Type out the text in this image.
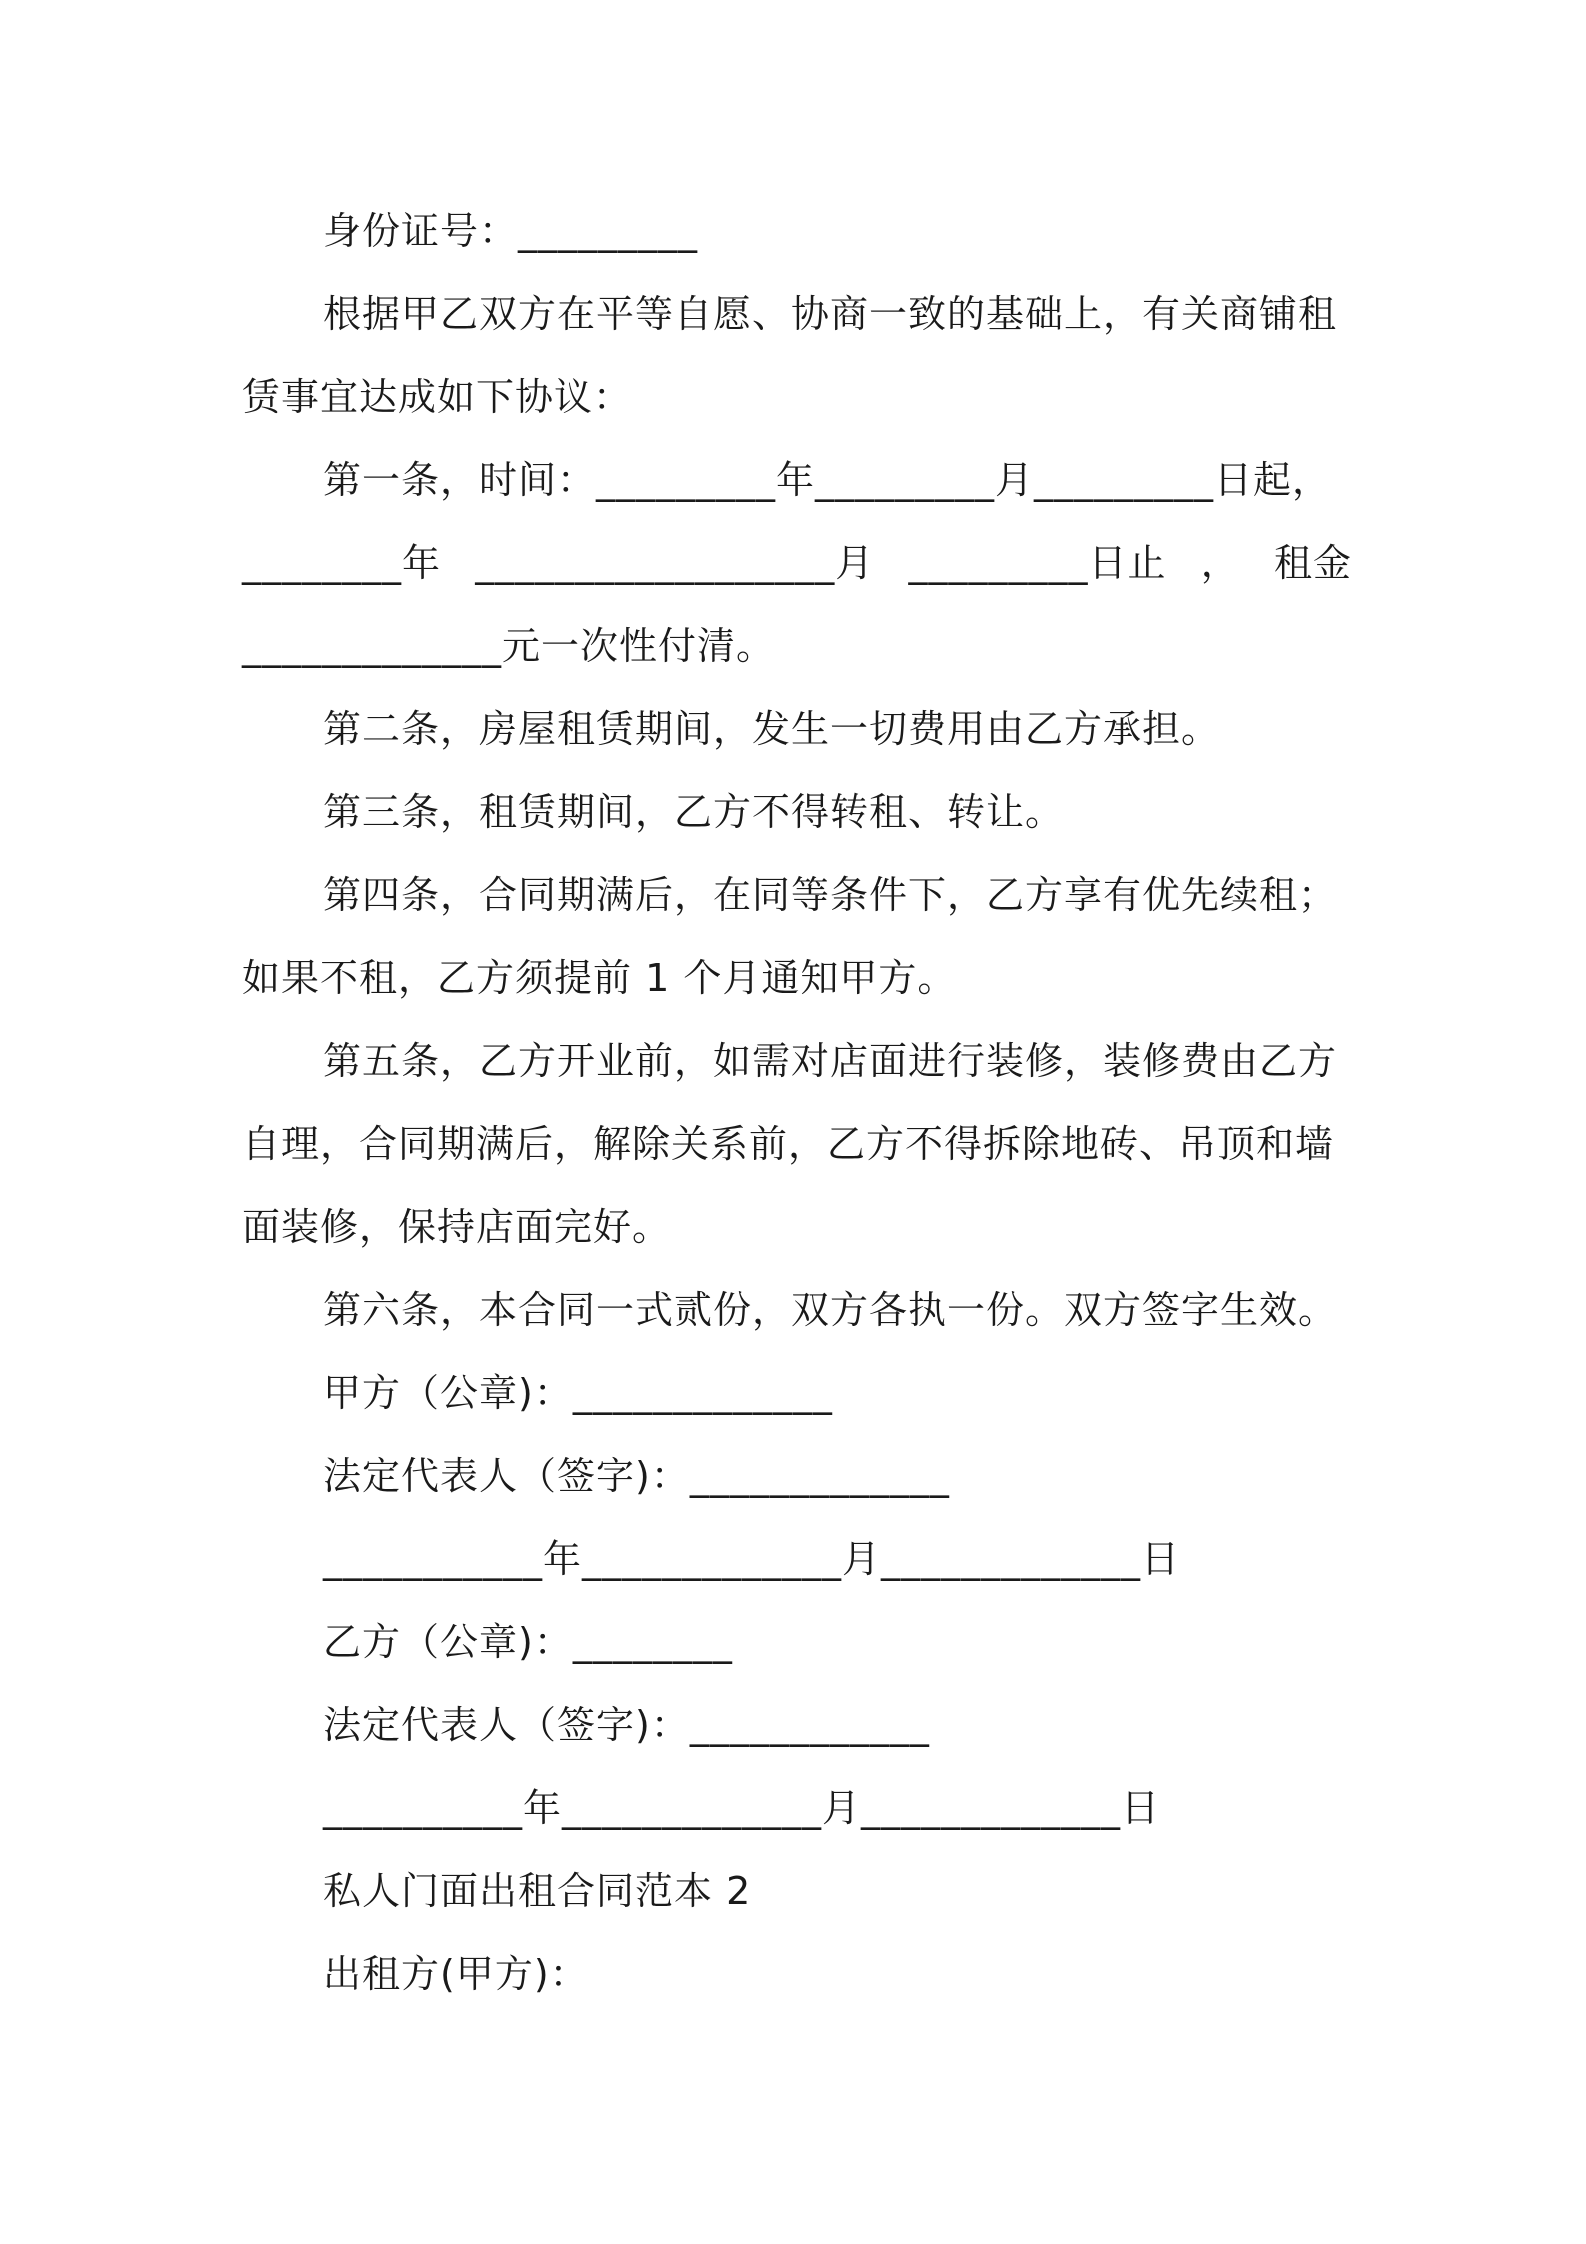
身份证号：_________
根据甲乙双方在平等自愿、协商一致的基础上，有关商铺租
赁事宜达成如下协议：
第一条，时间：_________年_________月_________日起，
________年 __________________月 _________日止 ， 租金
_____________元一次性付清。
第二条，房屋租赁期间，发生一切费用由乙方承担。
第三条，租赁期间，乙方不得转租、转让。
第四条，合同期满后，在同等条件下，乙方享有优先续租；
如果不租，乙方须提前 1 个月通知甲方。
第五条，乙方开业前，如需对店面进行装修，装修费由乙方
自理，合同期满后，解除关系前，乙方不得拆除地砖、吊顶和墙
面装修，保持店面完好。
第六条，本合同一式贰份，双方各执一份。双方签字生效。
甲方（公章)：_____________
法定代表人（签字)：_____________
___________年_____________月_____________日
乙方（公章)：________
法定代表人（签字)：____________
__________年_____________月_____________日
私人门面出租合同范本 2
出租方(甲方)：
